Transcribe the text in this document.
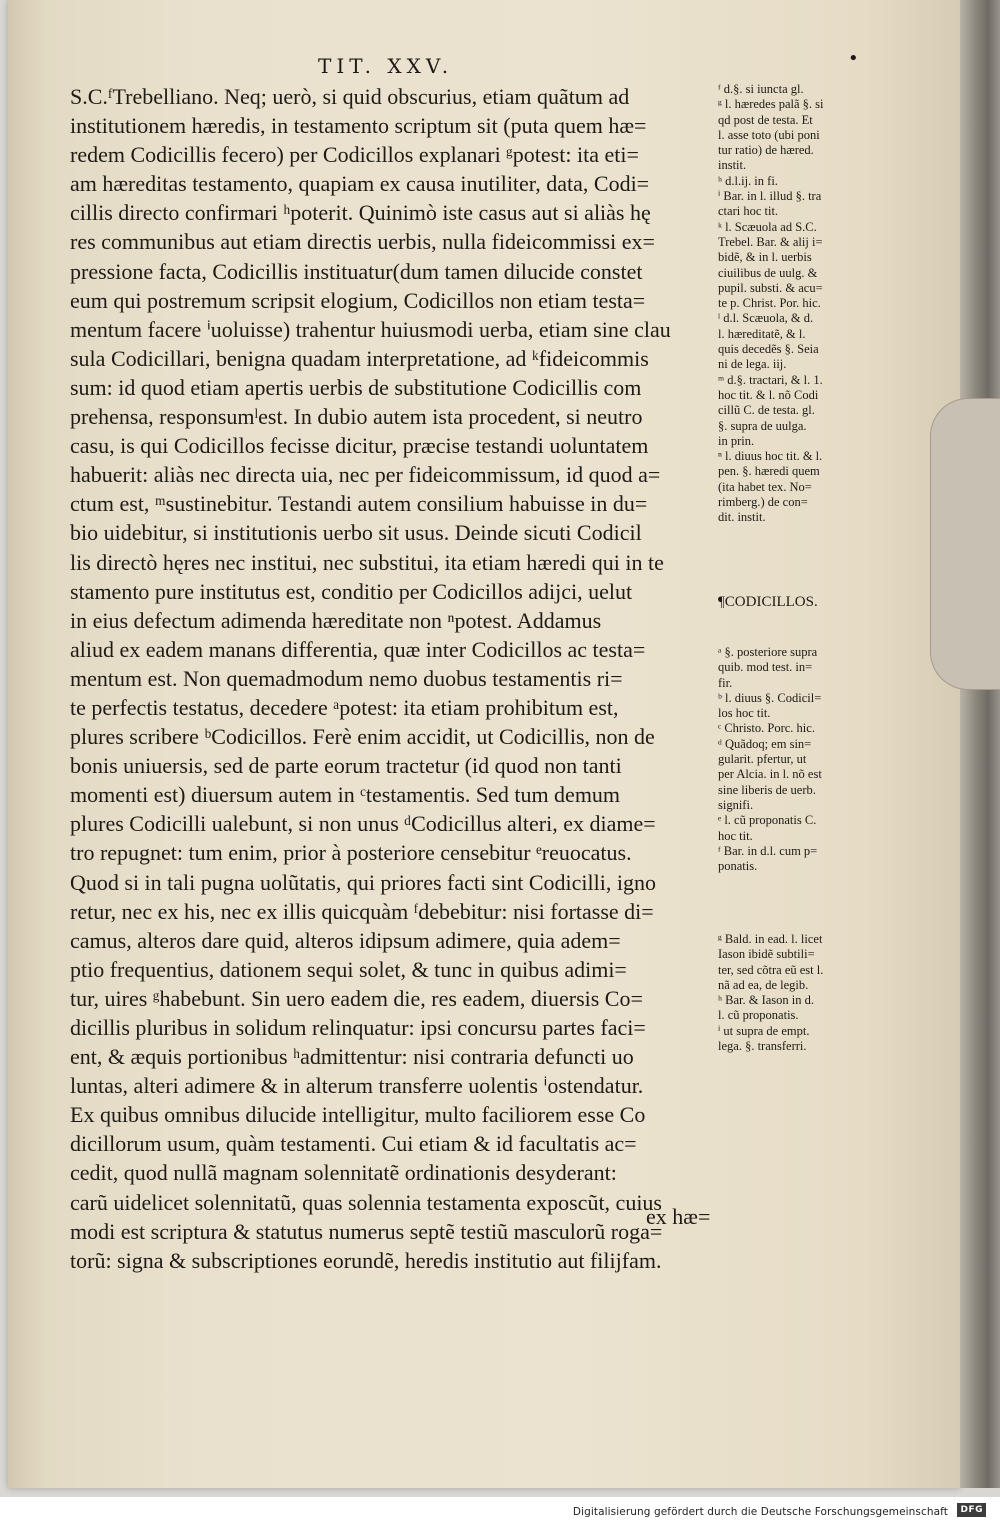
TIT. XXV.	•
S.C.ᶠTrebelliano. Neq; uerò, si quid obscurius, etiam quãtum ad
institutionem hæredis, in testamento scriptum sit (puta quem hæ=
redem Codicillis fecero) per Codicillos explanari ᵍpotest: ita eti=
am hæreditas testamento, quapiam ex causa inutiliter, data, Codi=
cillis directo confirmari ʰpoterit. Quinimò iste casus aut si aliàs hę
res communibus aut etiam directis uerbis, nulla fideicommissi ex=
pressione facta, Codicillis instituatur(dum tamen dilucide constet
eum qui postremum scripsit elogium, Codicillos non etiam testa=
mentum facere ⁱuoluisse) trahentur huiusmodi uerba, etiam sine clau
sula Codicillari, benigna quadam interpretatione, ad ᵏfideicommis
sum: id quod etiam apertis uerbis de substitutione Codicillis com
prehensa, responsumˡest. In dubio autem ista procedent, si neutro
casu, is qui Codicillos fecisse dicitur, præcise testandi uoluntatem
habuerit: aliàs nec directa uia, nec per fideicommissum, id quod a=
ctum est, ᵐsustinebitur. Testandi autem consilium habuisse in du=
bio uidebitur, si institutionis uerbo sit usus. Deinde sicuti Codicil
lis directò hęres nec institui, nec substitui, ita etiam hæredi qui in te
stamento pure institutus est, conditio per Codicillos adijci, uelut
in eius defectum adimenda hæreditate non ⁿpotest. Addamus
aliud ex eadem manans differentia, quæ inter Codicillos ac testa=
mentum est. Non quemadmodum nemo duobus testamentis ri=
te perfectis testatus, decedere ᵃpotest: ita etiam prohibitum est,
plures scribere ᵇCodicillos. Ferè enim accidit, ut Codicillis, non de
bonis uniuersis, sed de parte eorum tractetur (id quod non tanti
momenti est) diuersum autem in ᶜtestamentis. Sed tum demum
plures Codicilli ualebunt, si non unus ᵈCodicillus alteri, ex diame=
tro repugnet: tum enim, prior à posteriore censebitur ᵉreuocatus.
Quod si in tali pugna uolũtatis, qui priores facti sint Codicilli, igno
retur, nec ex his, nec ex illis quicquàm ᶠdebebitur: nisi fortasse di=
camus, alteros dare quid, alteros idipsum adimere, quia adem=
ptio frequentius, dationem sequi solet, & tunc in quibus adimi=
tur, uires ᵍhabebunt. Sin uero eadem die, res eadem, diuersis Co=
dicillis pluribus in solidum relinquatur: ipsi concursu partes faci=
ent, & æquis portionibus ʰadmittentur: nisi contraria defuncti uo
luntas, alteri adimere & in alterum transferre uolentis ⁱostendatur.
Ex quibus omnibus dilucide intelligitur, multo faciliorem esse Co
dicillorum usum, quàm testamenti. Cui etiam & id facultatis ac=
cedit, quod nullã magnam solennitatẽ ordinationis desyderant:
carũ uidelicet solennitatũ, quas solennia testamenta exposcũt, cuius
modi est scriptura & statutus numerus septẽ testiũ masculorũ roga=
torũ: signa & subscriptiones eorundẽ, heredis institutio aut filijfam.
ex hæ=
ᶠ d.§. si iuncta gl.
ᵍ l. hæredes palã §. si
qd post de testa. Et
l. asse toto (ubi poni
tur ratio) de hæred.
instit.
ʰ d.l.ij. in fi.
ⁱ Bar. in l. illud §. tra
ctari hoc tit.
ᵏ l. Scæuola ad S.C.
Trebel. Bar. & alij i=
bidẽ, & in l. uerbis
ciuilibus de uulg. &
pupil. substi. & acu=
te p. Christ. Por. hic.
ˡ d.l. Scæuola, & d.
l. hæreditatẽ, & l.
quis decedẽs §. Seia
ni de lega. iij.
ᵐ d.§. tractari, & l. 1.
hoc tit. & l. nõ Codi
cillũ C. de testa. gl.
§. supra de uulga.
in prin.
ⁿ l. diuus hoc tit. & l.
pen. §. hæredi quem
(ita habet tex. No=
rimberg.) de con=
dit. instit.
¶CODICILLOS.
ᵃ §. posteriore supra
quib. mod test. in=
fir.
ᵇ l. diuus §. Codicil=
los hoc tit.
ᶜ Christo. Porc. hic.
ᵈ Quãdoq; em sin=
gularit. pfertur, ut
per Alcia. in l. nõ est
sine liberis de uerb.
signifi.
ᵉ l. cũ proponatis C.
hoc tit.
ᶠ Bar. in d.l. cum p=
ponatis.
ᵍ Bald. in ead. l. licet
Iason ibidẽ subtili=
ter, sed cõtra eũ est l.
nã ad ea, de legib.
ʰ Bar. & Iason in d.
l. cũ proponatis.
ⁱ ut supra de empt.
lega. §. transferri.
Digitalisierung gefördert durch die Deutsche Forschungsgemeinschaft	DFG
